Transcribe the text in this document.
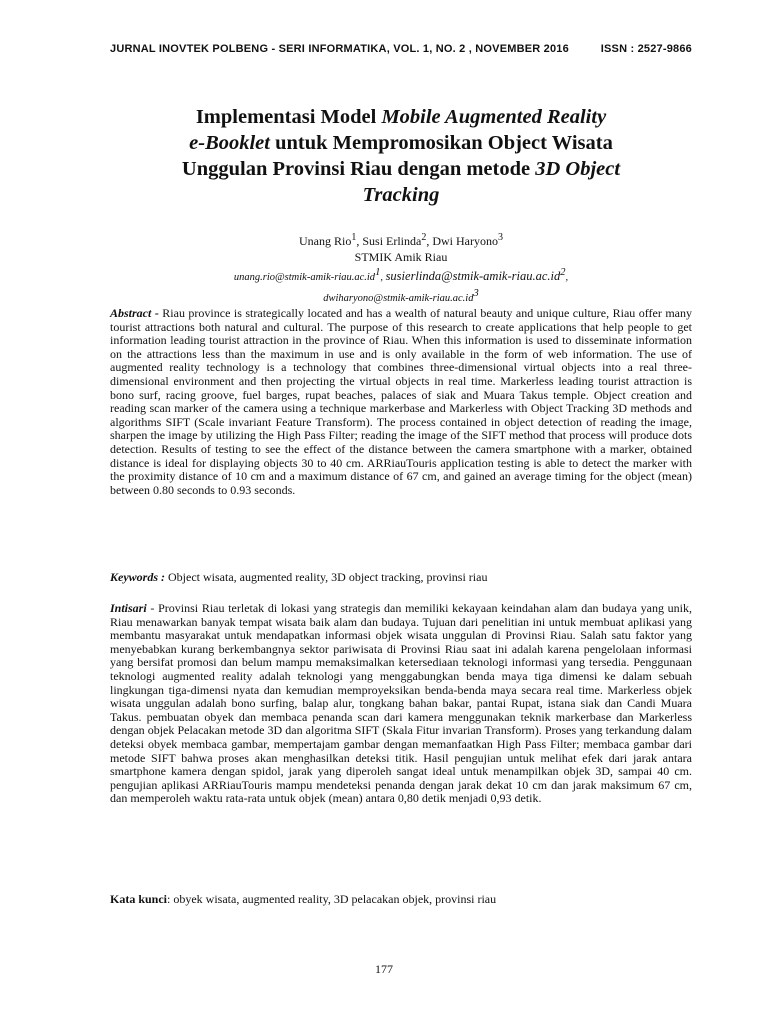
JURNAL INOVTEK POLBENG - SERI INFORMATIKA, VOL. 1, NO. 2 , NOVEMBER 2016	ISSN : 2527-9866
Implementasi Model Mobile Augmented Reality
e-Booklet untuk Mempromosikan Object Wisata
Unggulan Provinsi Riau dengan metode 3D Object
Tracking
Unang Rio$^1$, Susi Erlinda$^2$, Dwi Haryono$^3$
STMIK Amik Riau
$unang.rio@stmik-amik-riau.ac.id^1$, $susierlinda@stmik-amik-riau.ac.id^2$,
$dwiharyono@stmik-amik-riau.ac.id^3$
Abstract - Riau province is strategically located and has a wealth of natural beauty and unique culture, Riau offer many tourist attractions both natural and cultural. The purpose of this research to create applications that help people to get information leading tourist attraction in the province of Riau. When this information is used to disseminate information on the attractions less than the maximum in use and is only available in the form of web information. The use of augmented reality technology is a technology that combines three-dimensional virtual objects into a real three-dimensional environment and then projecting the virtual objects in real time. Markerless leading tourist attraction is bono surf, racing groove, fuel barges, rupat beaches, palaces of siak and Muara Takus temple. Object creation and reading scan marker of the camera using a technique markerbase and Markerless with Object Tracking 3D methods and algorithms SIFT (Scale invariant Feature Transform). The process contained in object detection of reading the image, sharpen the image by utilizing the High Pass Filter; reading the image of the SIFT method that process will produce dots detection. Results of testing to see the effect of the distance between the camera smartphone with a marker, obtained distance is ideal for displaying objects 30 to 40 cm. ARRiauTouris application testing is able to detect the marker with the proximity distance of 10 cm and a maximum distance of 67 cm, and gained an average timing for the object (mean) between 0.80 seconds to 0.93 seconds.
Keywords : Object wisata, augmented reality, 3D object tracking, provinsi riau
Intisari - Provinsi Riau terletak di lokasi yang strategis dan memiliki kekayaan keindahan alam dan budaya yang unik, Riau menawarkan banyak tempat wisata baik alam dan budaya. Tujuan dari penelitian ini untuk membuat aplikasi yang membantu masyarakat untuk mendapatkan informasi objek wisata unggulan di Provinsi Riau. Salah satu faktor yang menyebabkan kurang berkembangnya sektor pariwisata di Provinsi Riau saat ini adalah karena pengelolaan informasi yang bersifat promosi dan belum mampu memaksimalkan ketersediaan teknologi informasi yang tersedia. Penggunaan teknologi augmented reality adalah teknologi yang menggabungkan benda maya tiga dimensi ke dalam sebuah lingkungan tiga-dimensi nyata dan kemudian memproyeksikan benda-benda maya secara real time. Markerless objek wisata unggulan adalah bono surfing, balap alur, tongkang bahan bakar, pantai Rupat, istana siak dan Candi Muara Takus. pembuatan obyek dan membaca penanda scan dari kamera menggunakan teknik markerbase dan Markerless dengan objek Pelacakan metode 3D dan algoritma SIFT (Skala Fitur invarian Transform). Proses yang terkandung dalam deteksi obyek membaca gambar, mempertajam gambar dengan memanfaatkan High Pass Filter; membaca gambar dari metode SIFT bahwa proses akan menghasilkan deteksi titik. Hasil pengujian untuk melihat efek dari jarak antara smartphone kamera dengan spidol, jarak yang diperoleh sangat ideal untuk menampilkan objek 3D, sampai 40 cm. pengujian aplikasi ARRiauTouris mampu mendeteksi penanda dengan jarak dekat 10 cm dan jarak maksimum 67 cm, dan memperoleh waktu rata-rata untuk objek (mean) antara 0,80 detik menjadi 0,93 detik.
Kata kunci: obyek wisata, augmented reality, 3D pelacakan objek, provinsi riau
177
